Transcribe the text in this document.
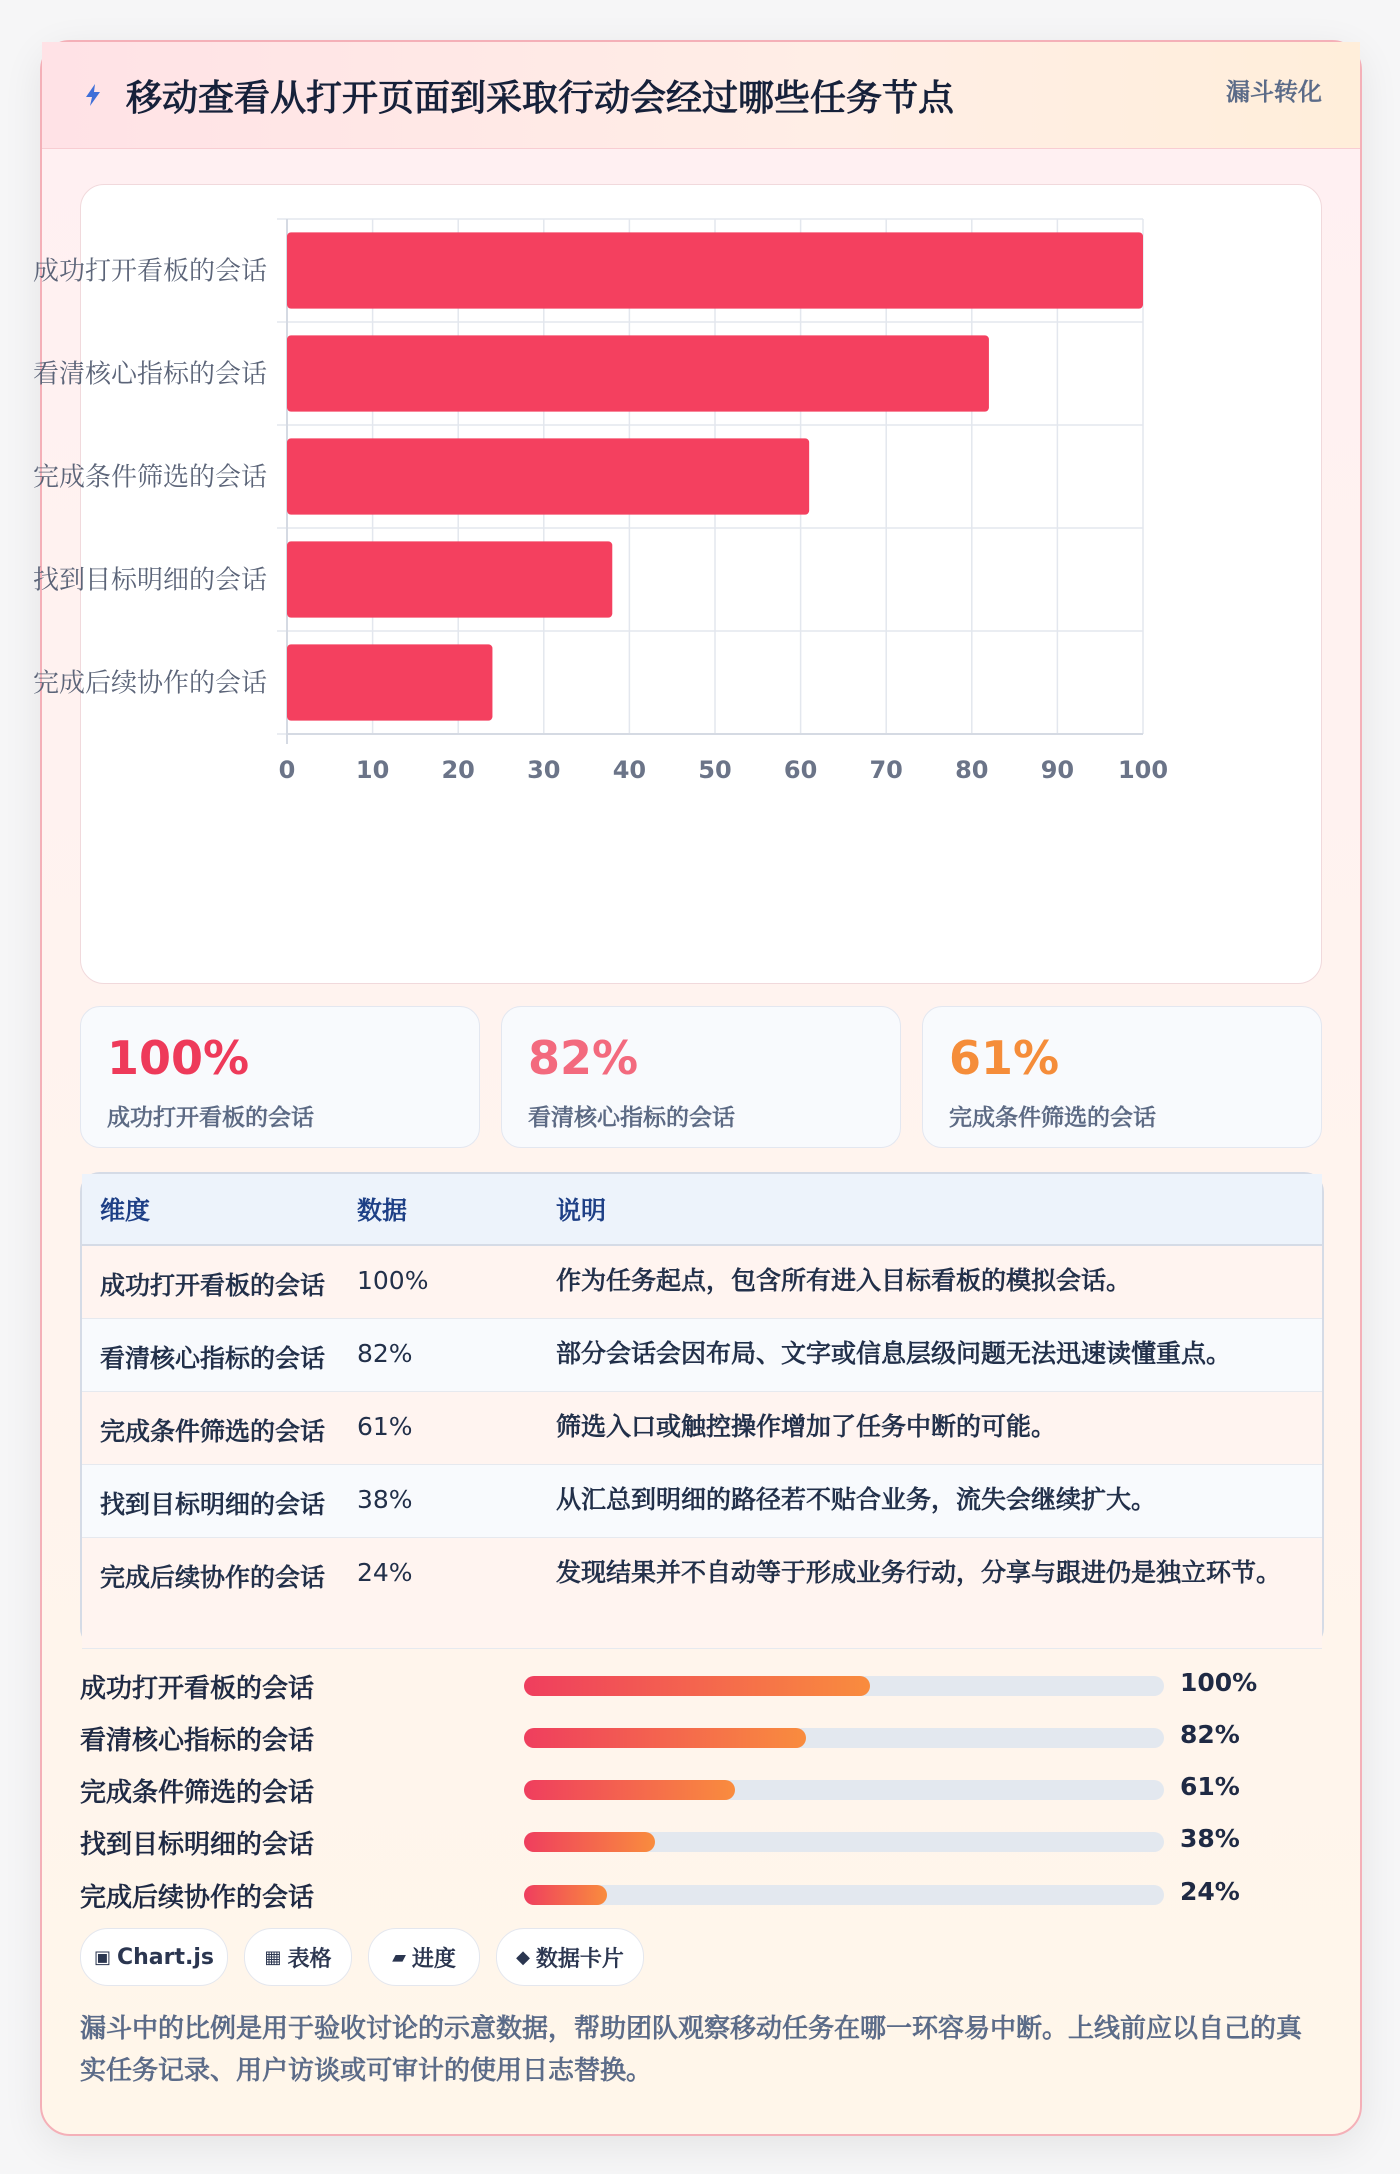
移动查看从打开页面到采取行动会经过哪些任务节点	漏斗转化
成功打开看板的会话
看清核心指标的会话
完成条件筛选的会话
找到目标明细的会话
完成后续协作的会话
0	10 20 30 40 50 60 70 80 90 100
100%
成功打开看板的会话
82%
看清核心指标的会话
61%
完成条件筛选的会话
维度	数据	说明
成功打开看板的会话	100%	作为任务起点，包含所有进入目标看板的模拟会话。
看清核心指标的会话	82%	部分会话会因布局、文字或信息层级问题无法迅速读懂重点。
完成条件筛选的会话	61%	筛选入口或触控操作增加了任务中断的可能。
找到目标明细的会话	38%	从汇总到明细的路径若不贴合业务，流失会继续扩大。
完成后续协作的会话	24%	发现结果并不自动等于形成业务行动，分享与跟进仍是独立环节。
成功打开看板的会话	100%
看清核心指标的会话	82%
完成条件筛选的会话	61%
找到目标明细的会话	38%
完成后续协作的会话	24%
▣ Chart.js	▦ 表格	▰ 进度	◆ 数据卡片
漏斗中的比例是用于验收讨论的示意数据，帮助团队观察移动任务在哪一环容易中断。上线前应以自己的真实任务记录、用户访谈或可审计的使用日志替换。
